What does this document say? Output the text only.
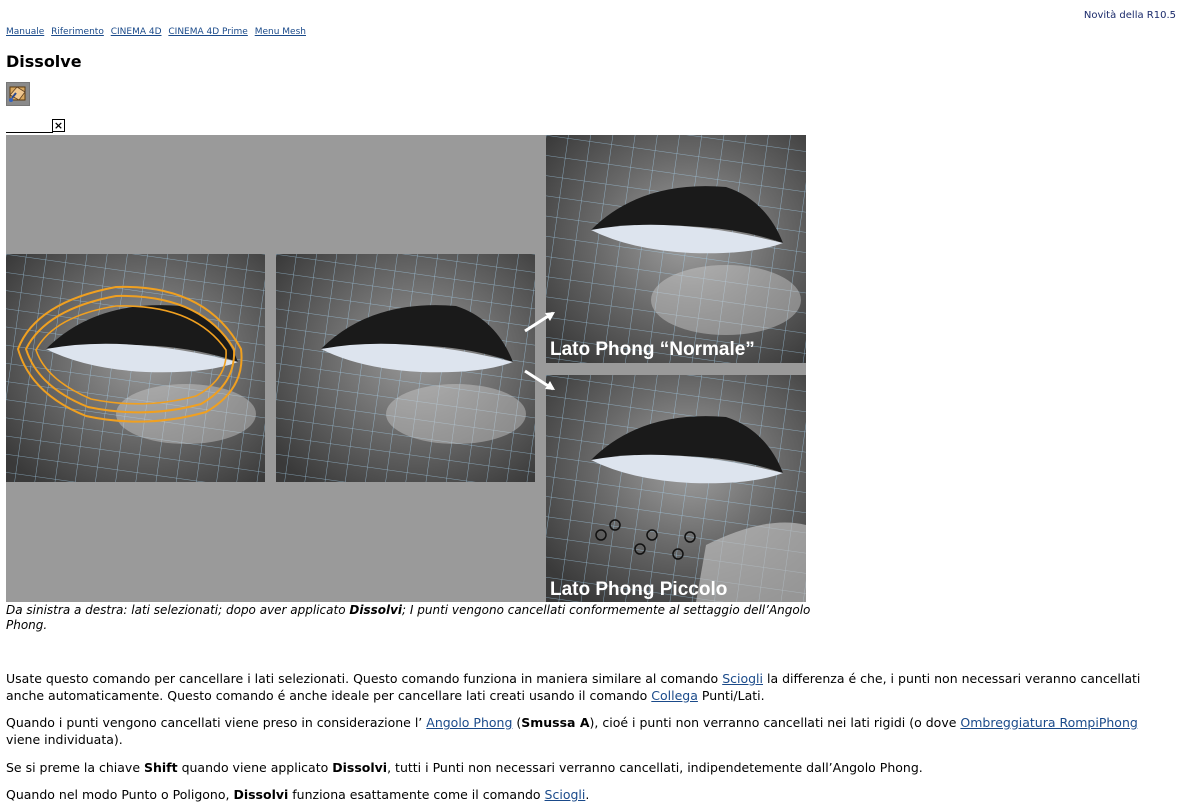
Novità della R10.5
Manuale Riferimento CINEMA 4D CINEMA 4D Prime Menu Mesh
Dissolve
×
Lato Phong “Normale”
Lato Phong Piccolo
Da sinistra a destra: lati selezionati; dopo aver applicato Dissolvi; I punti vengono cancellati conformemente al settaggio dell’Angolo Phong.

Usate questo comando per cancellare i lati selezionati. Questo comando funziona in maniera similare al comando Sciogli la differenza é che, i punti non necessari veranno cancellati anche automaticamente. Questo comando é anche ideale per cancellare lati creati usando il comando Collega Punti/Lati.

Quando i punti vengono cancellati viene preso in considerazione l’ Angolo Phong (Smussa A), cioé i punti non verranno cancellati nei lati rigidi (o dove Ombreggiatura RompiPhong viene individuata).

Se si preme la chiave Shift quando viene applicato Dissolvi, tutti i Punti non necessari verranno cancellati, indipendetemente dall’Angolo Phong.

Quando nel modo Punto o Poligono, Dissolvi funziona esattamente come il comando Sciogli.
